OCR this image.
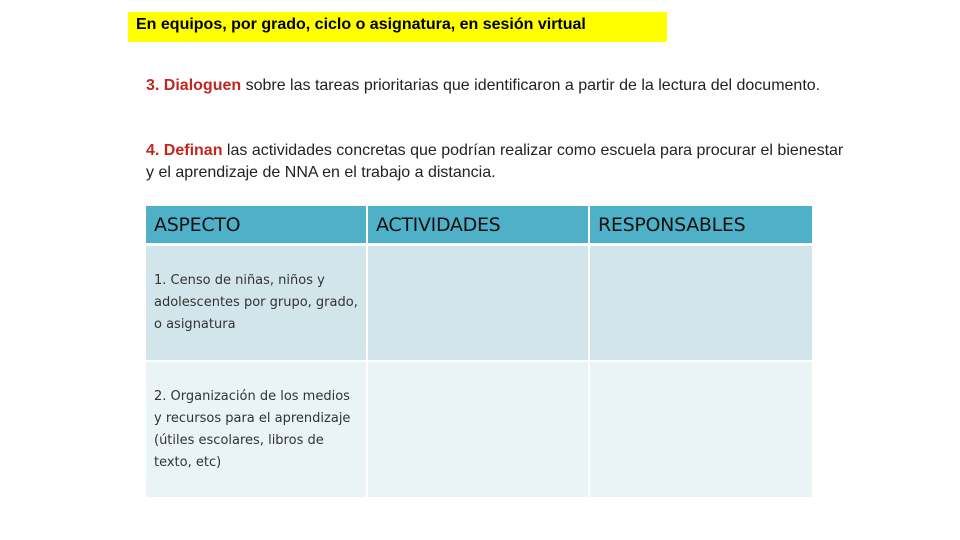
En equipos, por grado, ciclo o asignatura, en sesión virtual
3. Dialoguen sobre las tareas prioritarias que identificaron a partir de la lectura del documento.
4. Definan las actividades concretas que podrían realizar como escuela para procurar el bienestar y el aprendizaje de NNA en el trabajo a distancia.
ASPECTO	ACTIVIDADES	RESPONSABLES
1. Censo de niñas, niños y adolescentes por grupo, grado, o asignatura		
2. Organización de los medios y recursos para el aprendizaje (útiles escolares, libros de texto, etc)		
